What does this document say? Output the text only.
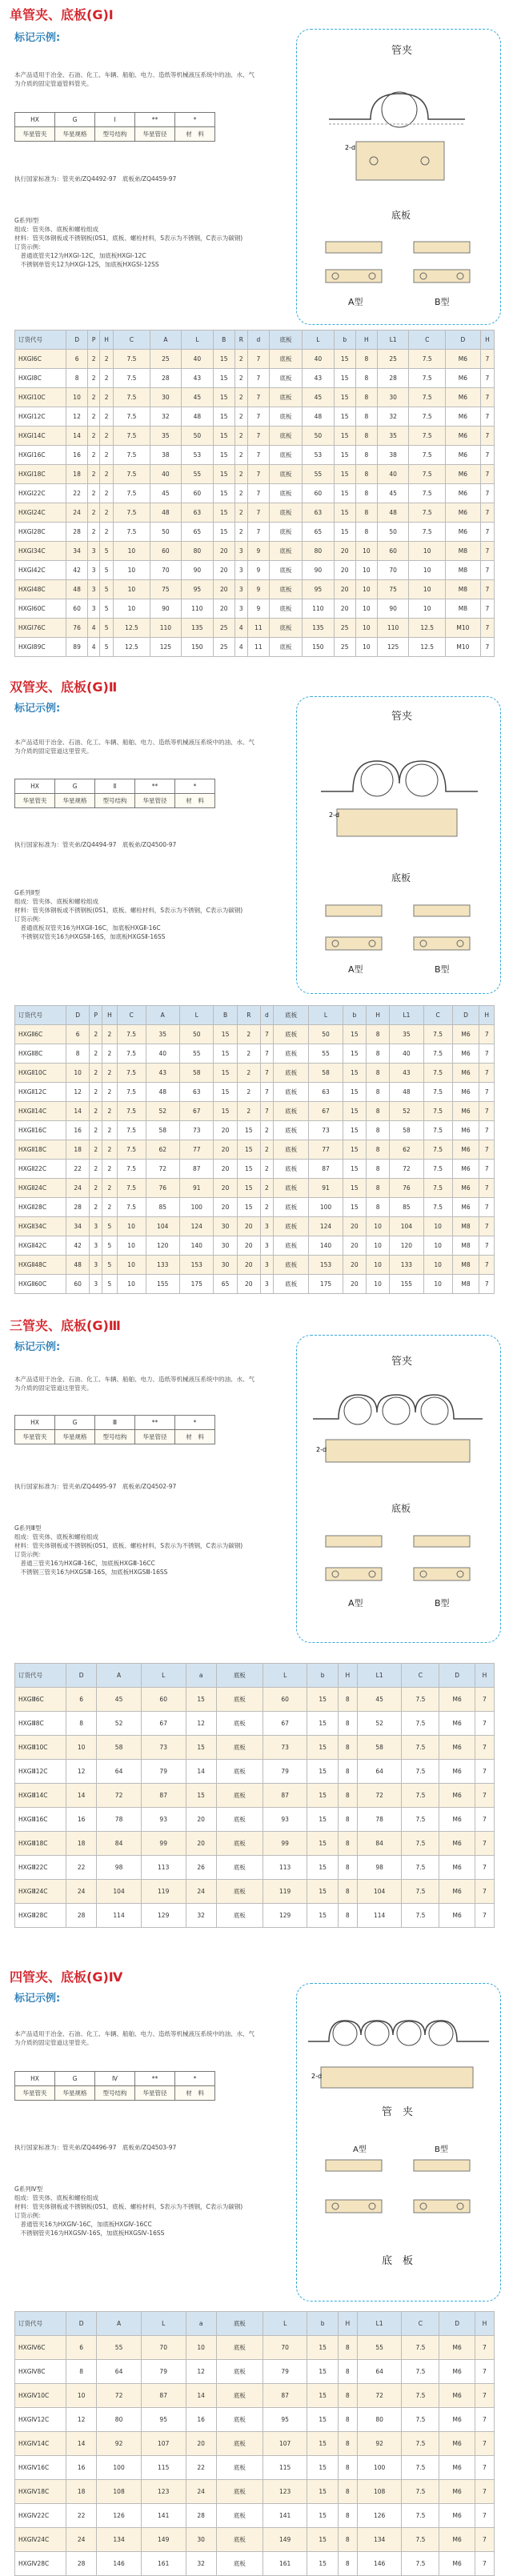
单管夹、底板(G)Ⅰ
标记示例:
本产品适用于冶金、石油、化工、车辆、船舶、电力、造纸等机械液压系统中的油、水、气为介质的固定管道管料管夹。
HX	G	Ⅰ	**	*
华星管夹	华星规格	型号结构	华星管径	材　料
执行国家标准为：管夹弟/ZQ4492-97　底板弟/ZQ4459-97
G系列Ⅰ型
组成：管夹体、底板和螺栓组成
材料：管夹体钢板或不锈钢板(0S1，底板、螺栓材料，S表示为不锈钢，C表示为碳钢)
订货示例：
　普通底管夹12为HXGⅠ-12C，加底板HXGⅠ-12C
　不锈钢单管夹12为HXGⅠ-12S，加底板HXGSⅠ-12SS
管夹
2-d
底板
A型	B型
订货代号	D	P	H	C	A	L	B	R	d	底板	L	b	H	L1	C	D	H
HXGⅠ6C	6	2	2	7.5	25	40	15	2	7	底板	40	15	8	25	7.5	M6	7
HXGⅠ8C	8	2	2	7.5	28	43	15	2	7	底板	43	15	8	28	7.5	M6	7
HXGⅠ10C	10	2	2	7.5	30	45	15	2	7	底板	45	15	8	30	7.5	M6	7
HXGⅠ12C	12	2	2	7.5	32	48	15	2	7	底板	48	15	8	32	7.5	M6	7
HXGⅠ14C	14	2	2	7.5	35	50	15	2	7	底板	50	15	8	35	7.5	M6	7
HXGⅠ16C	16	2	2	7.5	38	53	15	2	7	底板	53	15	8	38	7.5	M6	7
HXGⅠ18C	18	2	2	7.5	40	55	15	2	7	底板	55	15	8	40	7.5	M6	7
HXGⅠ22C	22	2	2	7.5	45	60	15	2	7	底板	60	15	8	45	7.5	M6	7
HXGⅠ24C	24	2	2	7.5	48	63	15	2	7	底板	63	15	8	48	7.5	M6	7
HXGⅠ28C	28	2	2	7.5	50	65	15	2	7	底板	65	15	8	50	7.5	M6	7
HXGⅠ34C	34	3	5	10	60	80	20	3	9	底板	80	20	10	60	10	M8	7
HXGⅠ42C	42	3	5	10	70	90	20	3	9	底板	90	20	10	70	10	M8	7
HXGⅠ48C	48	3	5	10	75	95	20	3	9	底板	95	20	10	75	10	M8	7
HXGⅠ60C	60	3	5	10	90	110	20	3	9	底板	110	20	10	90	10	M8	7
HXGⅠ76C	76	4	5	12.5	110	135	25	4	11	底板	135	25	10	110	12.5	M10	7
HXGⅠ89C	89	4	5	12.5	125	150	25	4	11	底板	150	25	10	125	12.5	M10	7
双管夹、底板(G)Ⅱ
标记示例:
本产品适用于冶金、石油、化工、车辆、船舶、电力、造纸等机械液压系统中的油、水、气为介质的固定管道这里管夹。
HX	G	Ⅱ	**	*
华星管夹	华星规格	型号结构	华星管径	材　料
执行国家标准为：管夹弟/ZQ4494-97　底板弟/ZQ4500-97
G系列Ⅱ型
组成：管夹体、底板和螺栓组成
材料：管夹体钢板或不锈钢板(0S1，底板、螺栓材料，S表示为不锈钢，C表示为碳钢)
订货示例：
　普通底板双管夹16为HXGⅡ-16C，加底板HXGⅡ-16C
　不锈钢双管夹16为HXGSⅡ-16S，加底板HXGSⅡ-16SS
管夹
2-d
底板
A型	B型
订货代号	D	P	H	C	A	L	B	R	d	底板	L	b	H	L1	C	D	H
HXGⅡ6C	6	2	2	7.5	35	50	15	2	7	底板	50	15	8	35	7.5	M6	7
HXGⅡ8C	8	2	2	7.5	40	55	15	2	7	底板	55	15	8	40	7.5	M6	7
HXGⅡ10C	10	2	2	7.5	43	58	15	2	7	底板	58	15	8	43	7.5	M6	7
HXGⅡ12C	12	2	2	7.5	48	63	15	2	7	底板	63	15	8	48	7.5	M6	7
HXGⅡ14C	14	2	2	7.5	52	67	15	2	7	底板	67	15	8	52	7.5	M6	7
HXGⅡ16C	16	2	2	7.5	58	73	20	15	2	底板	73	15	8	58	7.5	M6	7
HXGⅡ18C	18	2	2	7.5	62	77	20	15	2	底板	77	15	8	62	7.5	M6	7
HXGⅡ22C	22	2	2	7.5	72	87	20	15	2	底板	87	15	8	72	7.5	M6	7
HXGⅡ24C	24	2	2	7.5	76	91	20	15	2	底板	91	15	8	76	7.5	M6	7
HXGⅡ28C	28	2	2	7.5	85	100	20	15	2	底板	100	15	8	85	7.5	M6	7
HXGⅡ34C	34	3	5	10	104	124	30	20	3	底板	124	20	10	104	10	M8	7
HXGⅡ42C	42	3	5	10	120	140	30	20	3	底板	140	20	10	120	10	M8	7
HXGⅡ48C	48	3	5	10	133	153	30	20	3	底板	153	20	10	133	10	M8	7
HXGⅡ60C	60	3	5	10	155	175	65	20	3	底板	175	20	10	155	10	M8	7
三管夹、底板(G)Ⅲ
标记示例:
本产品适用于冶金、石油、化工、车辆、船舶、电力、造纸等机械液压系统中的油、水、气为介质的固定管道这里管夹。
HX	G	Ⅲ	**	*
华星管夹	华星规格	型号结构	华星管径	材　料
执行国家标准为：管夹弟/ZQ4495-97　底板弟/ZQ4502-97
G系列Ⅲ型
组成：管夹体、底板和螺栓组成
材料：管夹体钢板或不锈钢板(0S1，底板、螺栓材料，S表示为不锈钢，C表示为碳钢)
订货示例：
　普通三管夹16为HXGⅢ-16C，加底板HXGⅢ-16CC
　不锈钢三管夹16为HXGSⅢ-16S，加底板HXGSⅢ-16SS
管夹
2-d
底板
A型	B型
订货代号	D	A	L	a	底板	L	b	H	L1	C	D	H
HXGⅢ6C	6	45	60	15	底板	60	15	8	45	7.5	M6	7
HXGⅢ8C	8	52	67	12	底板	67	15	8	52	7.5	M6	7
HXGⅢ10C	10	58	73	15	底板	73	15	8	58	7.5	M6	7
HXGⅢ12C	12	64	79	14	底板	79	15	8	64	7.5	M6	7
HXGⅢ14C	14	72	87	15	底板	87	15	8	72	7.5	M6	7
HXGⅢ16C	16	78	93	20	底板	93	15	8	78	7.5	M6	7
HXGⅢ18C	18	84	99	20	底板	99	15	8	84	7.5	M6	7
HXGⅢ22C	22	98	113	26	底板	113	15	8	98	7.5	M6	7
HXGⅢ24C	24	104	119	24	底板	119	15	8	104	7.5	M6	7
HXGⅢ28C	28	114	129	32	底板	129	15	8	114	7.5	M6	7
四管夹、底板(G)Ⅳ
标记示例:
本产品适用于冶金、石油、化工、车辆、船舶、电力、造纸等机械液压系统中的油、水、气为介质的固定管道这里管夹。
HX	G	Ⅳ	**	*
华星管夹	华星规格	型号结构	华星管径	材　料
执行国家标准为：管夹弟/ZQ4496-97　底板弟/ZQ4503-97
G系列Ⅳ型
组成：管夹体、底板和螺栓组成
材料：管夹体钢板或不锈钢板(0S1，底板、螺栓材料，S表示为不锈钢，C表示为碳钢)
订货示例：
　普通管夹16为HXGⅣ-16C，加底板HXGⅣ-16CC
　不锈钢管夹16为HXGSⅣ-16S，加底板HXGSⅣ-16SS
2-d
管　夹
A型	B型
底　板
订货代号	D	A	L	a	底板	L	b	H	L1	C	D	H
HXGⅣ6C	6	55	70	10	底板	70	15	8	55	7.5	M6	7
HXGⅣ8C	8	64	79	12	底板	79	15	8	64	7.5	M6	7
HXGⅣ10C	10	72	87	14	底板	87	15	8	72	7.5	M6	7
HXGⅣ12C	12	80	95	16	底板	95	15	8	80	7.5	M6	7
HXGⅣ14C	14	92	107	20	底板	107	15	8	92	7.5	M6	7
HXGⅣ16C	16	100	115	22	底板	115	15	8	100	7.5	M6	7
HXGⅣ18C	18	108	123	24	底板	123	15	8	108	7.5	M6	7
HXGⅣ22C	22	126	141	28	底板	141	15	8	126	7.5	M6	7
HXGⅣ24C	24	134	149	30	底板	149	15	8	134	7.5	M6	7
HXGⅣ28C	28	146	161	32	底板	161	15	8	146	7.5	M6	7
